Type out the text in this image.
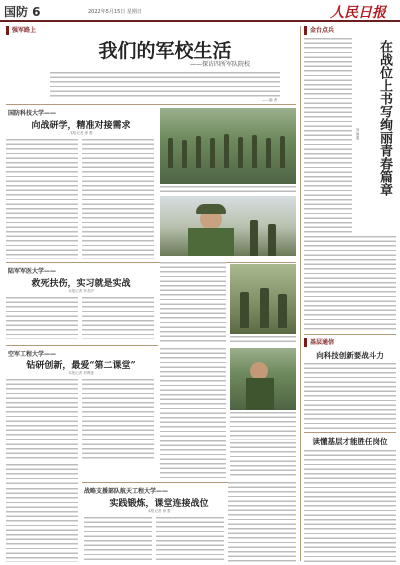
国防 6	2022年5月15日 星期日	人民日报
强军路上
我们的军校生活
——探访四所军队院校
——编 者
国防科技大学——
向战研学，精准对接需求
本报记者 徐 蕾
陆军军医大学——
救死扶伤，实习就是实战
本报记者 李龙伊
空军工程大学——
钻研创新，最爱“第二课堂”
本报记者 刘博通
战略支援部队航天工程大学——
实践锻炼，课堂连接战位
本报记者 徐 蕾
金台点兵
在战位上书写绚丽青春篇章
刘 博通
基层通信
向科技创新要战斗力
读懂基层才能胜任岗位
